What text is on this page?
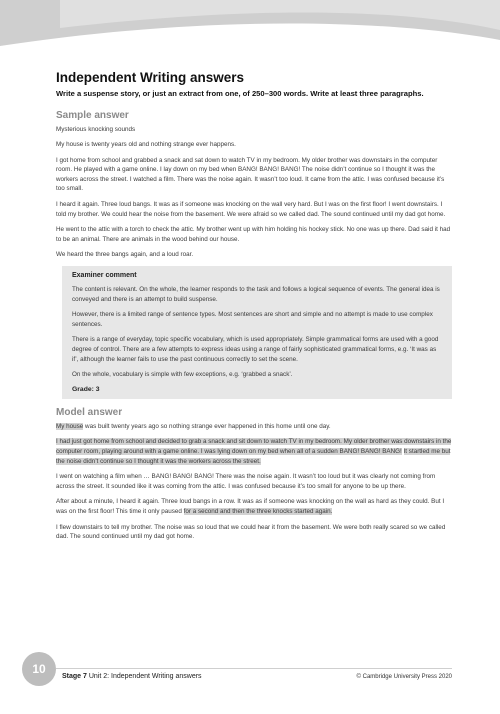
Independent Writing answers

Write a suspense story, or just an extract from one, of 250–300 words. Write at least three paragraphs.

Sample answer

Mysterious knocking sounds

My house is twenty years old and nothing strange ever happens.

I got home from school and grabbed a snack and sat down to watch TV in my bedroom. My older brother was downstairs in the computer room. He played with a game online. I lay down on my bed when BANG! BANG! BANG! The noise didn’t continue so I thought it was the workers across the street. I watched a film. There was the noise again. It wasn’t too loud. It came from the attic. I was confused because it’s too small.

I heard it again. Three loud bangs. It was as if someone was knocking on the wall very hard. But I was on the first floor! I went downstairs. I told my brother. We could hear the noise from the basement. We were afraid so we called dad. The sound continued until my dad got home.

He went to the attic with a torch to check the attic. My brother went up with him holding his hockey stick. No one was up there. Dad said it had to be an animal. There are animals in the wood behind our house.

We heard the three bangs again, and a loud roar.

Examiner comment

The content is relevant. On the whole, the learner responds to the task and follows a logical sequence of events. The general idea is conveyed and there is an attempt to build suspense.

However, there is a limited range of sentence types. Most sentences are short and simple and no attempt is made to use complex sentences.

There is a range of everyday, topic specific vocabulary, which is used appropriately. Simple grammatical forms are used with a good degree of control. There are a few attempts to express ideas using a range of fairly sophisticated grammatical forms, e.g. ‘It was as if’, although the learner fails to use the past continuous correctly to set the scene.

On the whole, vocabulary is simple with few exceptions, e.g. ‘grabbed a snack’.

Grade: 3
Model answer

My house was built twenty years ago so nothing strange ever happened in this home until one day.

I had just got home from school and decided to grab a snack and sit down to watch TV in my bedroom. My older brother was downstairs in the computer room, playing around with a game online. I was lying down on my bed when all of a sudden BANG! BANG! BANG! It startled me but the noise didn’t continue so I thought it was the workers across the street.

I went on watching a film when … BANG! BANG! BANG! There was the noise again. It wasn’t too loud but it was clearly not coming from across the street. It sounded like it was coming from the attic. I was confused because it’s too small for anyone to be up there.

After about a minute, I heard it again. Three loud bangs in a row. It was as if someone was knocking on the wall as hard as they could. But I was on the first floor! This time it only paused for a second and then the three knocks started again.

I flew downstairs to tell my brother. The noise was so loud that we could hear it from the basement. We were both really scared so we called dad. The sound continued until my dad got home.

10
Stage 7 Unit 2: Independent Writing answers	© Cambridge University Press 2020
